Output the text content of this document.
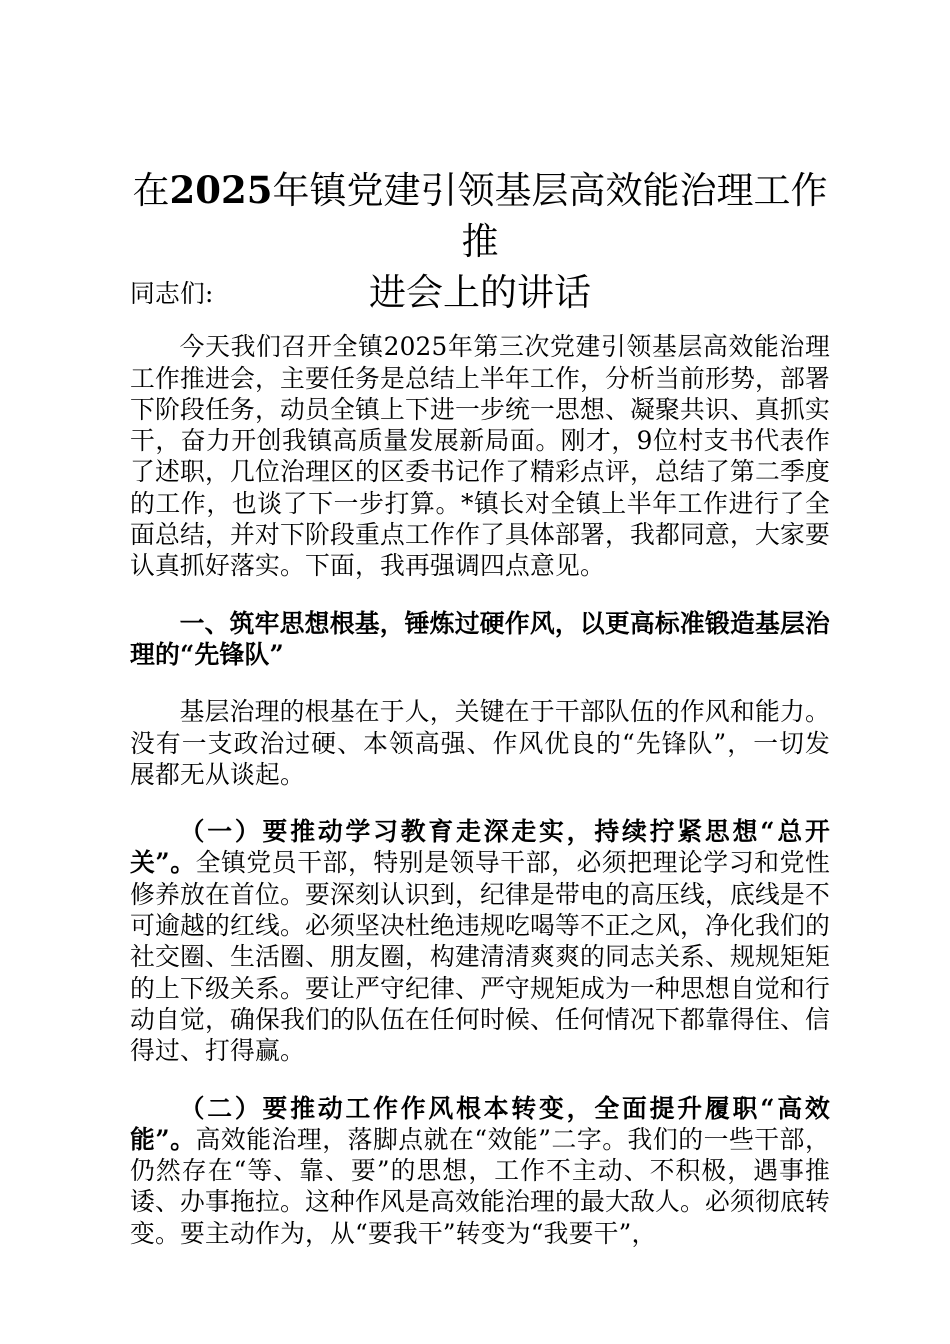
在2025年镇党建引领基层高效能治理工作推
进会上的讲话

同志们:

今天我们召开全镇2025年第三次党建引领基层高效能治理工作推进会，主要任务是总结上半年工作，分析当前形势，部署下阶段任务，动员全镇上下进一步统一思想、凝聚共识、真抓实干，奋力开创我镇高质量发展新局面。刚才，9位村支书代表作了述职，几位治理区的区委书记作了精彩点评，总结了第二季度的工作，也谈了下一步打算。*镇长对全镇上半年工作进行了全面总结，并对下阶段重点工作作了具体部署，我都同意，大家要认真抓好落实。下面，我再强调四点意见。

一、筑牢思想根基，锤炼过硬作风，以更高标准锻造基层治理的“先锋队”

基层治理的根基在于人，关键在于干部队伍的作风和能力。没有一支政治过硬、本领高强、作风优良的“先锋队”，一切发展都无从谈起。

（一）要推动学习教育走深走实，持续拧紧思想“总开关”。全镇党员干部，特别是领导干部，必须把理论学习和党性修养放在首位。要深刻认识到，纪律是带电的高压线，底线是不可逾越的红线。必须坚决杜绝违规吃喝等不正之风，净化我们的社交圈、生活圈、朋友圈，构建清清爽爽的同志关系、规规矩矩的上下级关系。要让严守纪律、严守规矩成为一种思想自觉和行动自觉，确保我们的队伍在任何时候、任何情况下都靠得住、信得过、打得赢。

（二）要推动工作作风根本转变，全面提升履职“高效能”。高效能治理，落脚点就在“效能”二字。我们的一些干部，仍然存在“等、靠、要”的思想，工作不主动、不积极，遇事推诿、办事拖拉。这种作风是高效能治理的最大敌人。必须彻底转变。要主动作为，从“要我干”转变为“我要干”，
